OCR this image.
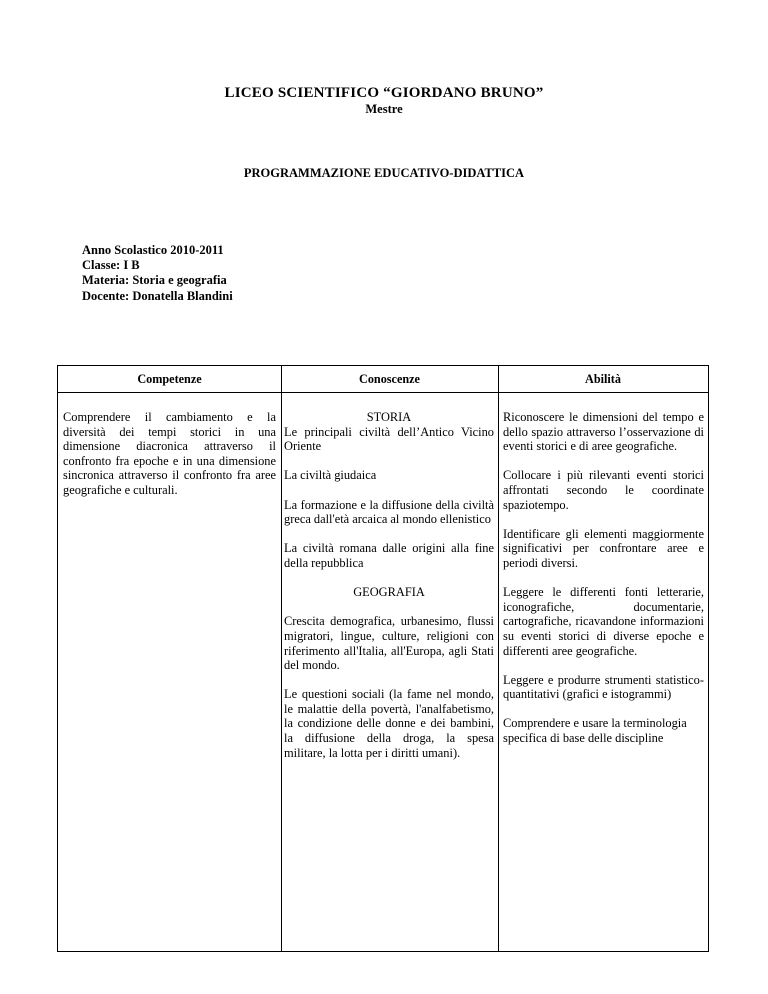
LICEO SCIENTIFICO “GIORDANO BRUNO”
Mestre
PROGRAMMAZIONE EDUCATIVO-DIDATTICA
Anno Scolastico 2010-2011
Classe: I B
Materia: Storia e geografia
Docente: Donatella Blandini
Competenze	Conoscenze	Abilità

Comprendere il cambiamento e la diversità dei tempi storici in una dimensione diacronica attraverso il confronto fra epoche e in una dimensione sincronica attraverso il confronto fra aree geografiche e culturali.

STORIA

Le principali civiltà dell’Antico Vicino Oriente

La civiltà giudaica

La formazione e la diffusione della civiltà greca dall'età arcaica al mondo ellenistico

La civiltà romana dalle origini alla fine della repubblica

GEOGRAFIA

Crescita demografica, urbanesimo, flussi migratori, lingue, culture, religioni con riferimento all'Italia, all'Europa, agli Stati del mondo.

Le questioni sociali (la fame nel mondo, le malattie della povertà, l'analfabetismo, la condizione delle donne e dei bambini, la diffusione della droga, la spesa militare, la lotta per i diritti umani).

Riconoscere le dimensioni del tempo e dello spazio attraverso l’osservazione di eventi storici e di aree geografiche.

Collocare i più rilevanti eventi storici affrontati secondo le coordinate spaziotempo.

Identificare gli elementi maggiormente significativi per confrontare aree e periodi diversi.

Leggere le differenti fonti letterarie, iconografiche, documentarie, cartografiche, ricavandone informazioni su eventi storici di diverse epoche e differenti aree geografiche.

Leggere e produrre strumenti statistico-quantitativi (grafici e istogrammi)

Comprendere e usare la terminologia specifica di base delle discipline
